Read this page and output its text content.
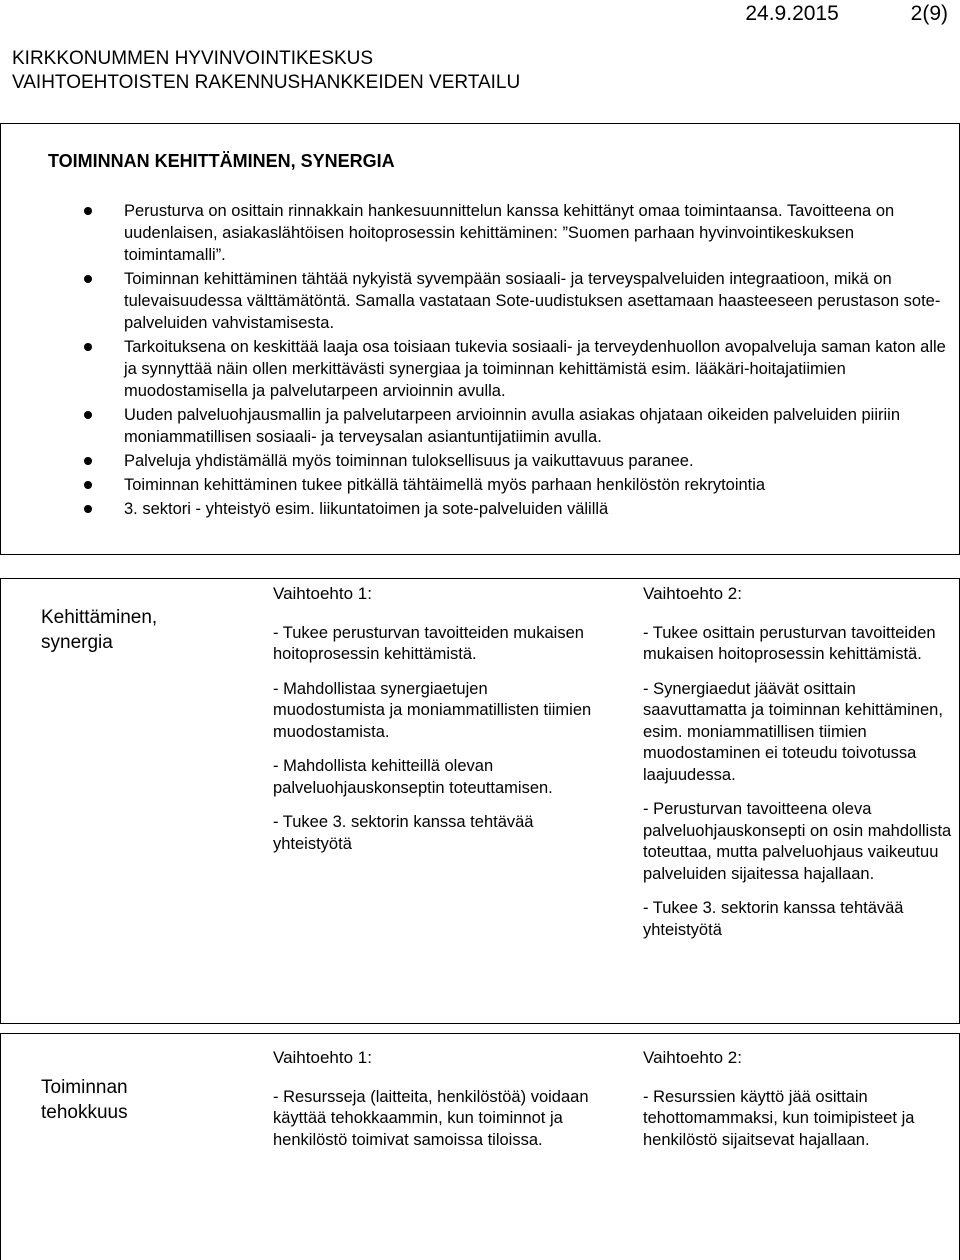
24.9.2015	2(9)
KIRKKONUMMEN HYVINVOINTIKESKUS
VAIHTOEHTOISTEN RAKENNUSHANKKEIDEN VERTAILU
TOIMINNAN KEHITTÄMINEN, SYNERGIA
Perusturva on osittain rinnakkain hankesuunnittelun kanssa kehittänyt omaa toimintaansa. Tavoitteena on uudenlaisen, asiakaslähtöisen hoitoprosessin kehittäminen: ”Suomen parhaan hyvinvointikeskuksen toimintamalli”.
Toiminnan kehittäminen tähtää nykyistä syvempään sosiaali- ja terveyspalveluiden integraatioon, mikä on tulevaisuudessa välttämätöntä. Samalla vastataan Sote-uudistuksen asettamaan haasteeseen perustason sote-palveluiden vahvistamisesta.
Tarkoituksena on keskittää laaja osa toisiaan tukevia sosiaali- ja terveydenhuollon avopalveluja saman katon alle ja synnyttää näin ollen merkittävästi synergiaa ja toiminnan kehittämistä esim. lääkäri-hoitajatiimien muodostamisella ja palvelutarpeen arvioinnin avulla.
Uuden palveluohjausmallin ja palvelutarpeen arvioinnin avulla asiakas ohjataan oikeiden palveluiden piiriin moniammatillisen sosiaali- ja terveysalan asiantuntijatiimin avulla.
Palveluja yhdistämällä myös toiminnan tuloksellisuus ja vaikuttavuus paranee.
Toiminnan kehittäminen tukee pitkällä tähtäimellä myös parhaan henkilöstön rekrytointia
3. sektori - yhteistyö esim. liikuntatoimen ja sote-palveluiden välillä
Kehittäminen,
synergia
Vaihtoehto 1:

- Tukee perusturvan tavoitteiden mukaisen hoitoprosessin kehittämistä.

- Mahdollistaa synergiaetujen muodostumista ja moniammatillisten tiimien muodostamista.

- Mahdollista kehitteillä olevan palveluohjauskonseptin toteuttamisen.

- Tukee 3. sektorin kanssa tehtävää yhteistyötä

Vaihtoehto 2:

- Tukee osittain perusturvan tavoitteiden mukaisen hoitoprosessin kehittämistä.

- Synergiaedut jäävät osittain saavuttamatta ja toiminnan kehittäminen, esim. moniammatillisen tiimien muodostaminen ei toteudu toivotussa laajuudessa.

- Perusturvan tavoitteena oleva palveluohjauskonsepti on osin mahdollista toteuttaa, mutta palveluohjaus vaikeutuu palveluiden sijaitessa hajallaan.

- Tukee 3. sektorin kanssa tehtävää yhteistyötä

Toiminnan
tehokkuus
Vaihtoehto 1:

- Resursseja (laitteita, henkilöstöä) voidaan käyttää tehokkaammin, kun toiminnot ja henkilöstö toimivat samoissa tiloissa.

Vaihtoehto 2:

- Resurssien käyttö jää osittain tehottomammaksi, kun toimipisteet ja henkilöstö sijaitsevat hajallaan.
